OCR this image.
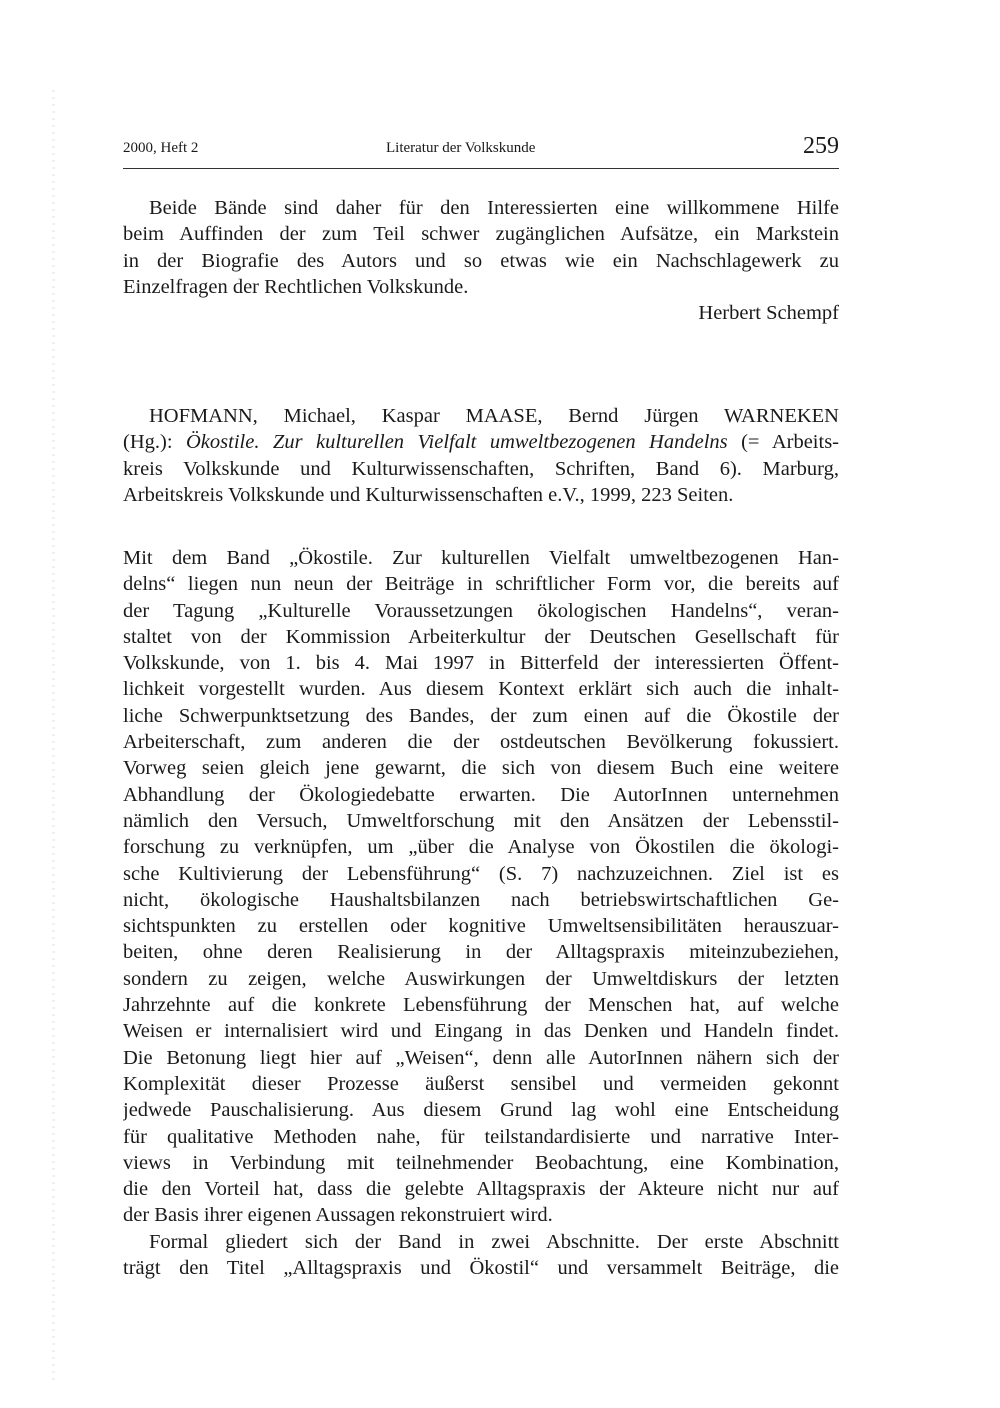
2000, Heft 2	Literatur der Volkskunde	259
Beide Bände sind daher für den Interessierten eine willkommene Hilfe
beim Auffinden der zum Teil schwer zugänglichen Aufsätze, ein Markstein
in der Biografie des Autors und so etwas wie ein Nachschlagewerk zu
Einzelfragen der Rechtlichen Volkskunde.
Herbert Schempf
HOFMANN, Michael, Kaspar MAASE, Bernd Jürgen WARNEKEN
(Hg.): Ökostile. Zur kulturellen Vielfalt umweltbezogenen Handelns (= Arbeits-
kreis Volkskunde und Kulturwissenschaften, Schriften, Band 6). Marburg,
Arbeitskreis Volkskunde und Kulturwissenschaften e.V., 1999, 223 Seiten.
Mit dem Band „Ökostile. Zur kulturellen Vielfalt umweltbezogenen Han-
delns“ liegen nun neun der Beiträge in schriftlicher Form vor, die bereits auf
der Tagung „Kulturelle Voraussetzungen ökologischen Handelns“, veran-
staltet von der Kommission Arbeiterkultur der Deutschen Gesellschaft für
Volkskunde, von 1. bis 4. Mai 1997 in Bitterfeld der interessierten Öffent-
lichkeit vorgestellt wurden. Aus diesem Kontext erklärt sich auch die inhalt-
liche Schwerpunktsetzung des Bandes, der zum einen auf die Ökostile der
Arbeiterschaft, zum anderen die der ostdeutschen Bevölkerung fokussiert.
Vorweg seien gleich jene gewarnt, die sich von diesem Buch eine weitere
Abhandlung der Ökologiedebatte erwarten. Die AutorInnen unternehmen
nämlich den Versuch, Umweltforschung mit den Ansätzen der Lebensstil-
forschung zu verknüpfen, um „über die Analyse von Ökostilen die ökologi-
sche Kultivierung der Lebensführung“ (S. 7) nachzuzeichnen. Ziel ist es
nicht, ökologische Haushaltsbilanzen nach betriebswirtschaftlichen Ge-
sichtspunkten zu erstellen oder kognitive Umweltsensibilitäten herauszuar-
beiten, ohne deren Realisierung in der Alltagspraxis miteinzubeziehen,
sondern zu zeigen, welche Auswirkungen der Umweltdiskurs der letzten
Jahrzehnte auf die konkrete Lebensführung der Menschen hat, auf welche
Weisen er internalisiert wird und Eingang in das Denken und Handeln findet.
Die Betonung liegt hier auf „Weisen“, denn alle AutorInnen nähern sich der
Komplexität dieser Prozesse äußerst sensibel und vermeiden gekonnt
jedwede Pauschalisierung. Aus diesem Grund lag wohl eine Entscheidung
für qualitative Methoden nahe, für teilstandardisierte und narrative Inter-
views in Verbindung mit teilnehmender Beobachtung, eine Kombination,
die den Vorteil hat, dass die gelebte Alltagspraxis der Akteure nicht nur auf
der Basis ihrer eigenen Aussagen rekonstruiert wird.
Formal gliedert sich der Band in zwei Abschnitte. Der erste Abschnitt
trägt den Titel „Alltagspraxis und Ökostil“ und versammelt Beiträge, die
